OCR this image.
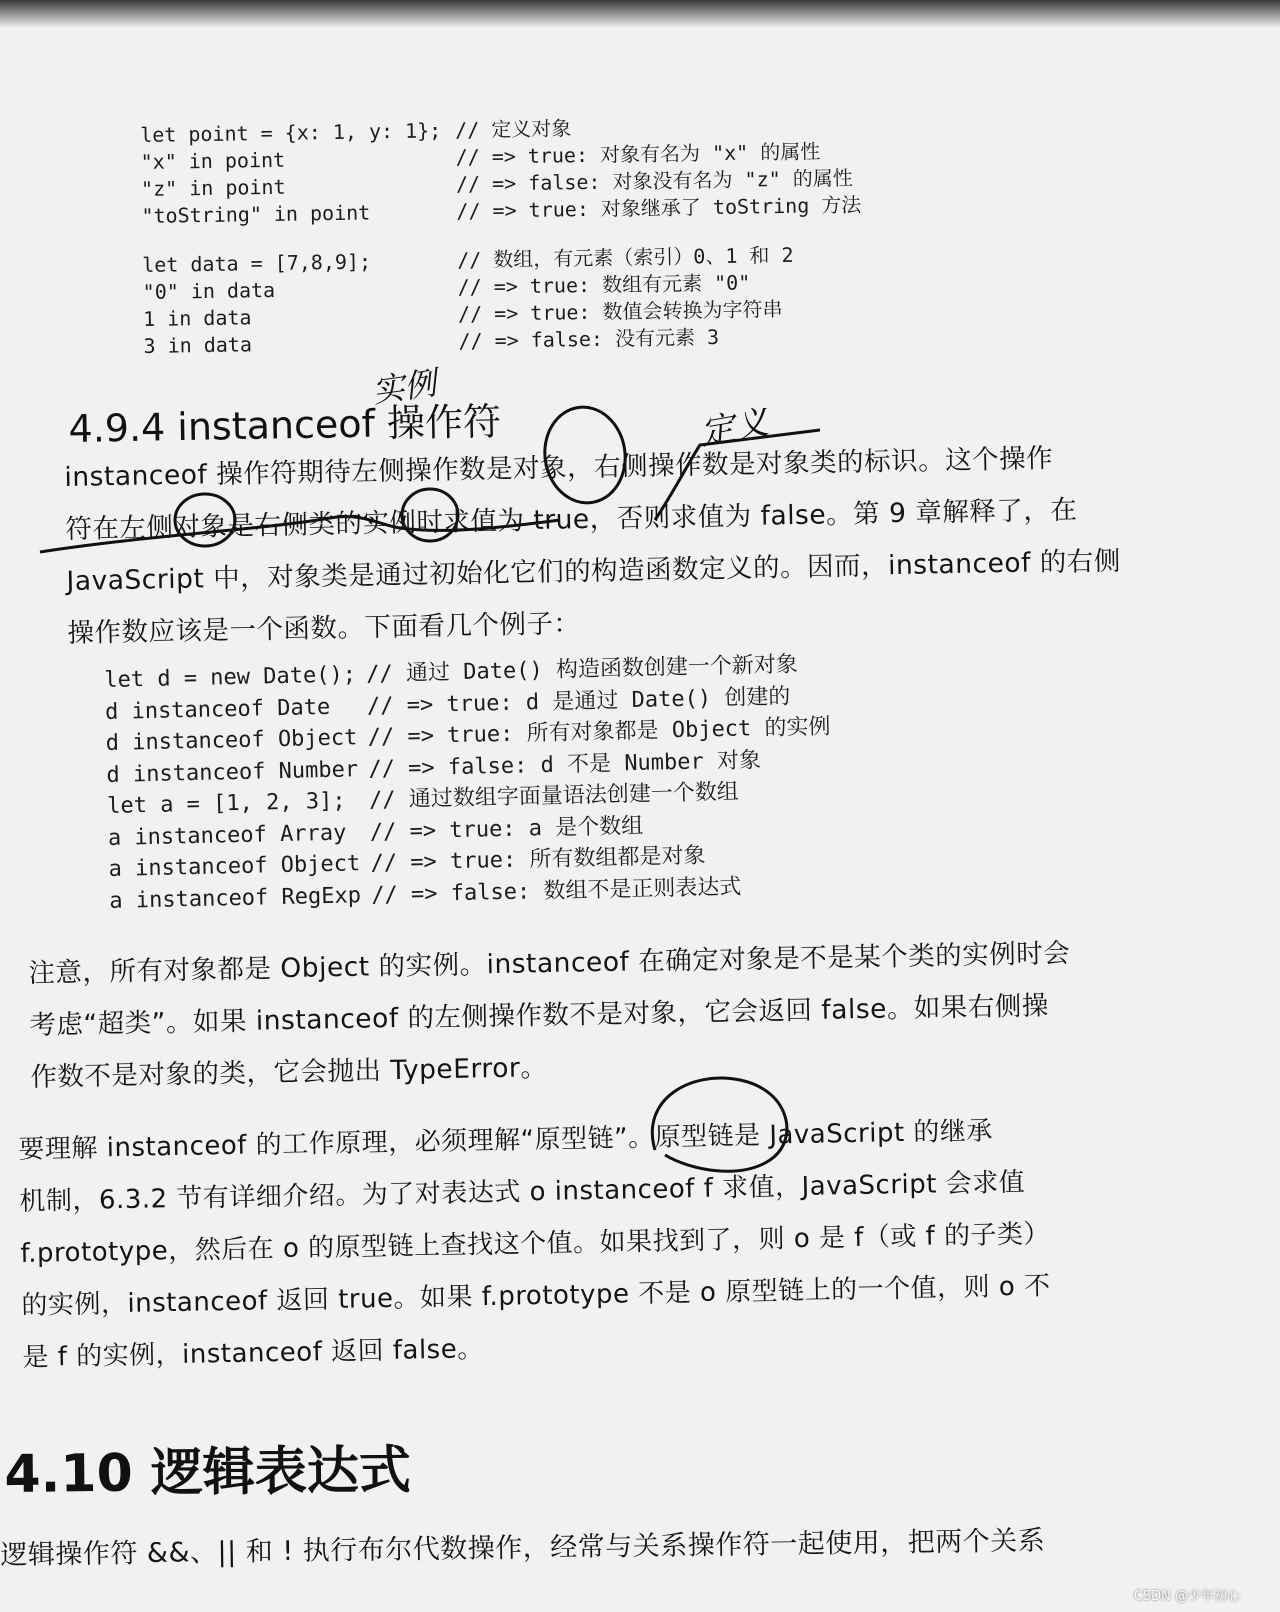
let point = {x: 1, y: 1}; // 定义对象
"x" in point	// => true: 对象有名为 "x" 的属性
"z" in point	// => false: 对象没有名为 "z" 的属性
"toString" in point	// => true: 对象继承了 toString 方法
let data = [7,8,9];	// 数组，有元素（索引）0、1 和 2
"0" in data	// => true: 数组有元素 "0"
1 in data	// => true: 数值会转换为字符串
3 in data	// => false: 没有元素 3
实例
4.9.4 instanceof 操作符	定义

instanceof 操作符期待左侧操作数是对象，右侧操作数是对象类的标识。这个操作
符在左侧对象是右侧类的实例时求值为 true，否则求值为 false。第 9 章解释了，在
JavaScript 中，对象类是通过初始化它们的构造函数定义的。因而，instanceof 的右侧
操作数应该是一个函数。下面看几个例子：

let d = new Date(); // 通过 Date() 构造函数创建一个新对象
d instanceof Date // => true: d 是通过 Date() 创建的
d instanceof Object // => true: 所有对象都是 Object 的实例
d instanceof Number // => false: d 不是 Number 对象
let a = [1, 2, 3]; // 通过数组字面量语法创建一个数组
a instanceof Array // => true: a 是个数组
a instanceof Object // => true: 所有数组都是对象
a instanceof RegExp // => false: 数组不是正则表达式

注意，所有对象都是 Object 的实例。instanceof 在确定对象是不是某个类的实例时会
考虑“超类”。如果 instanceof 的左侧操作数不是对象，它会返回 false。如果右侧操
作数不是对象的类，它会抛出 TypeError。

要理解 instanceof 的工作原理，必须理解“原型链”。原型链是 JavaScript 的继承
机制，6.3.2 节有详细介绍。为了对表达式 o instanceof f 求值，JavaScript 会求值
f.prototype，然后在 o 的原型链上查找这个值。如果找到了，则 o 是 f（或 f 的子类）
的实例，instanceof 返回 true。如果 f.prototype 不是 o 原型链上的一个值，则 o 不
是 f 的实例，instanceof 返回 false。

4.10 逻辑表达式

逻辑操作符 &&、|| 和 ! 执行布尔代数操作，经常与关系操作符一起使用，把两个关系

CSDN @少年初心
